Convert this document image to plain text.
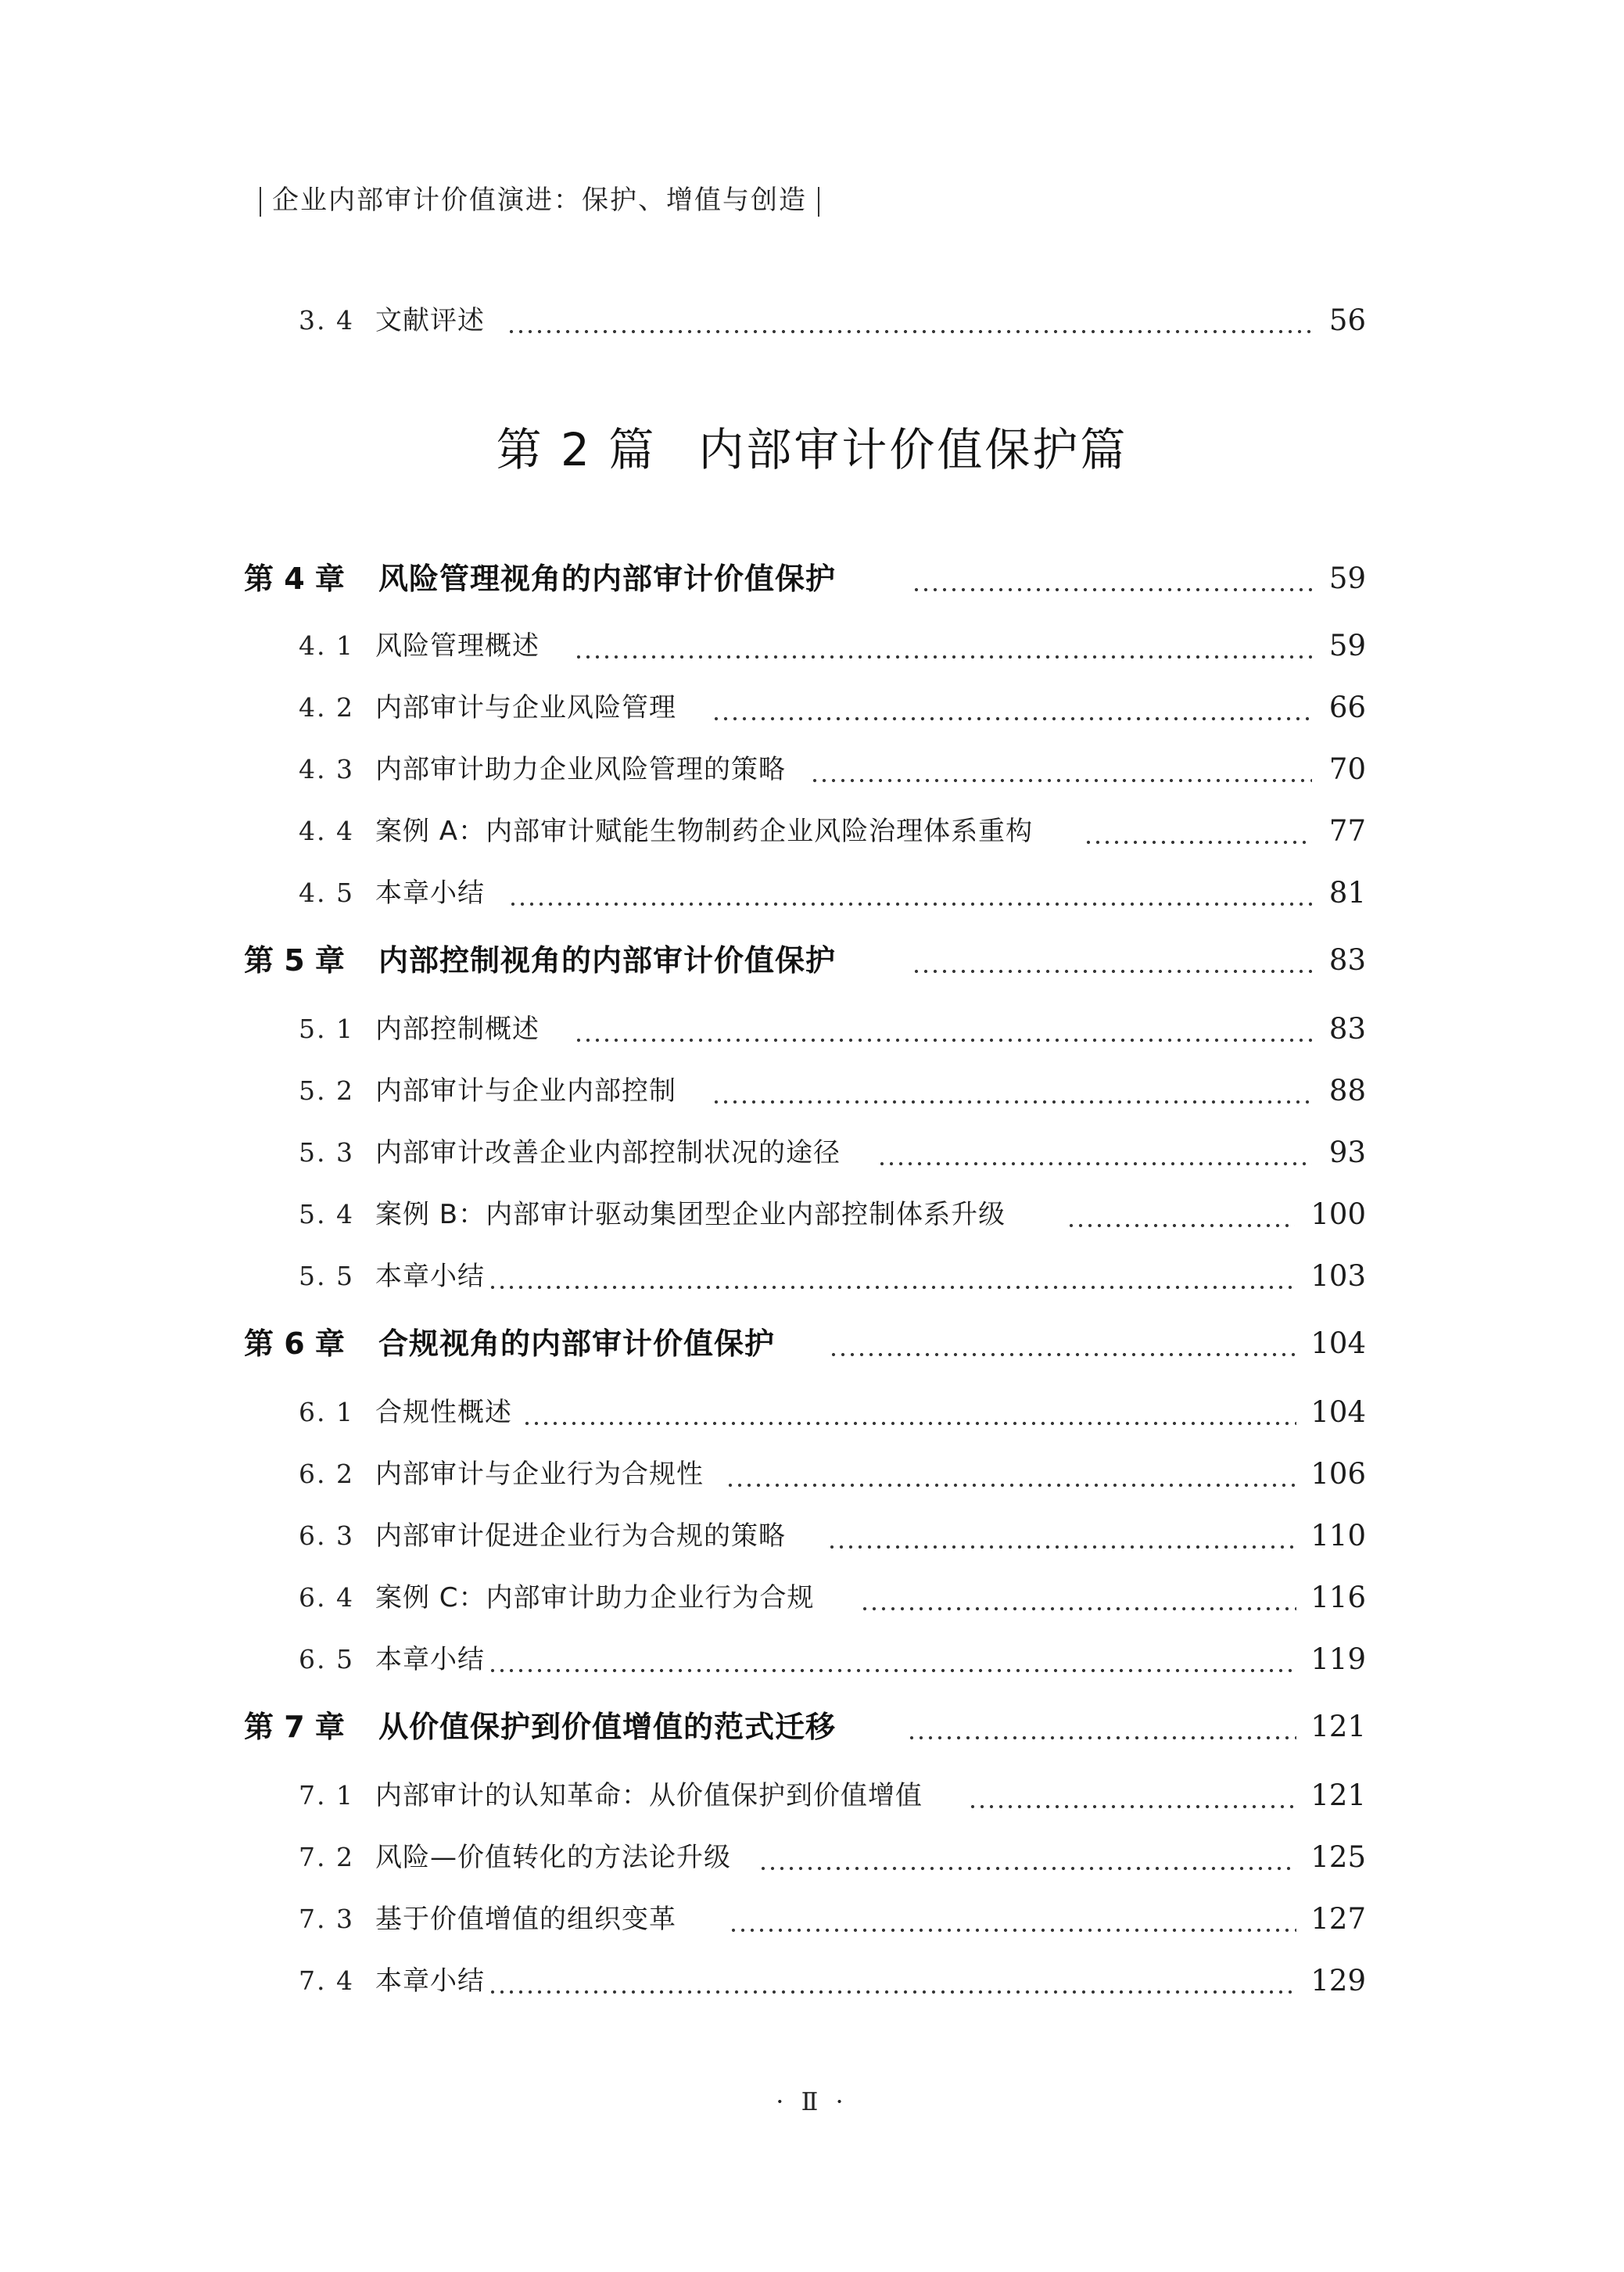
企业内部审计价值演进：保护、增值与创造
3. 4 文献评述	56
第 2 篇 内部审计价值保护篇
第 4 章 风险管理视角的内部审计价值保护	59
4. 1 风险管理概述	59
4. 2 内部审计与企业风险管理	66
4. 3 内部审计助力企业风险管理的策略	70
4. 4 案例 A：内部审计赋能生物制药企业风险治理体系重构	77
4. 5 本章小结	81
第 5 章 内部控制视角的内部审计价值保护	83
5. 1 内部控制概述	83
5. 2 内部审计与企业内部控制	88
5. 3 内部审计改善企业内部控制状况的途径	93
5. 4 案例 B：内部审计驱动集团型企业内部控制体系升级	100
5. 5 本章小结	103
第 6 章 合规视角的内部审计价值保护	104
6. 1 合规性概述	104
6. 2 内部审计与企业行为合规性	106
6. 3 内部审计促进企业行为合规的策略	110
6. 4 案例 C：内部审计助力企业行为合规	116
6. 5 本章小结	119
第 7 章 从价值保护到价值增值的范式迁移	121
7. 1 内部审计的认知革命：从价值保护到价值增值	121
7. 2 风险—价值转化的方法论升级	125
7. 3 基于价值增值的组织变革	127
7. 4 本章小结	129
· Ⅱ ·
